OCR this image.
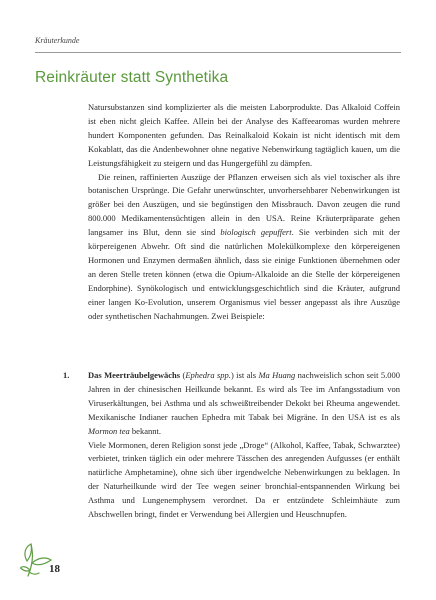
Kräuterkunde
Reinkräuter statt Synthetika

Natursubstanzen sind komplizierter als die meisten Laborprodukte. Das Alkaloid Coffein ist eben nicht gleich Kaffee. Allein bei der Analyse des Kaffeearomas wurden mehrere hundert Komponenten gefunden. Das Reinalkaloid Kokain ist nicht identisch mit dem Kokablatt, das die Andenbewohner ohne negative Nebenwirkung tagtäglich kauen, um die Leistungsfähigkeit zu steigern und das Hungergefühl zu dämpfen.

Die reinen, raffinierten Auszüge der Pflanzen erweisen sich als viel toxischer als ihre botanischen Ursprünge. Die Gefahr unerwünschter, unvorhersehbarer Nebenwirkungen ist größer bei den Auszügen, und sie begünstigen den Missbrauch. Davon zeugen die rund 800.000 Medikamentensüchtigen allein in den USA. Reine Kräuterpräparate gehen langsamer ins Blut, denn sie sind biologisch gepuffert. Sie verbinden sich mit der körpereigenen Abwehr. Oft sind die natürlichen Molekülkomplexe den körpereigenen Hormonen und Enzymen dermaßen ähnlich, dass sie einige Funktionen übernehmen oder an deren Stelle treten können (etwa die Opium-Alkaloide an die Stelle der körpereigenen Endorphine). Synökologisch und entwicklungsgeschichtlich sind die Kräuter, aufgrund einer langen Ko-Evolution, unserem Organismus viel besser angepasst als ihre Auszüge oder synthetischen Nachahmungen. Zwei Beispiele:

1.	Das Meerträubelgewächs (Ephedra spp.) ist als Ma Huang nachweislich schon seit 5.000 Jahren in der chinesischen Heilkunde bekannt. Es wird als Tee im Anfangsstadium von Viruserkältungen, bei Asthma und als schweißtreibender Dekokt bei Rheuma angewendet. Mexikanische Indianer rauchen Ephedra mit Tabak bei Migräne. In den USA ist es als Mormon tea bekannt.

Viele Mormonen, deren Religion sonst jede „Droge“ (Alkohol, Kaffee, Tabak, Schwarztee) verbietet, trinken täglich ein oder mehrere Tässchen des anregenden Aufgusses (er enthält natürliche Amphetamine), ohne sich über irgendwelche Nebenwirkungen zu beklagen. In der Naturheilkunde wird der Tee wegen seiner bronchial-entspannenden Wirkung bei Asthma und Lungenemphysem verordnet. Da er entzündete Schleimhäute zum Abschwellen bringt, findet er Verwendung bei Allergien und Heuschnupfen.

18
